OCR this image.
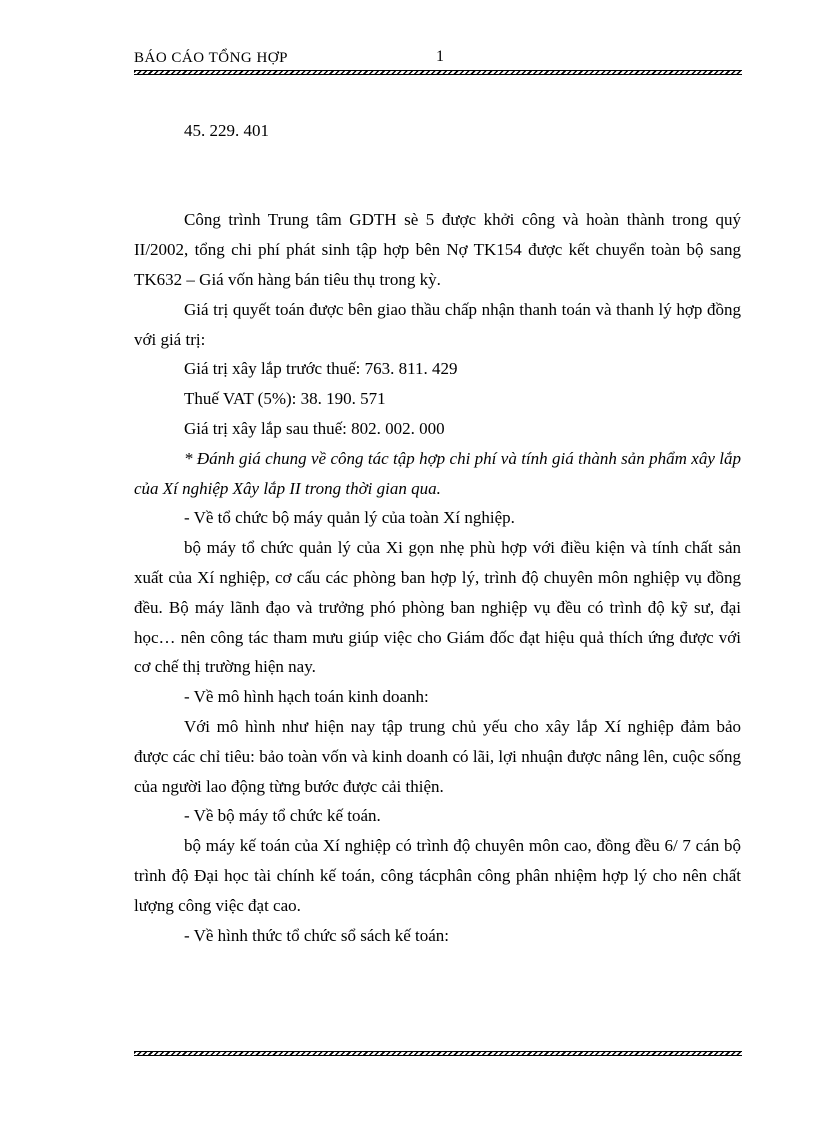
BÁO CÁO TỔNG HỢP	1

45. 229. 401

Công trình Trung tâm GDTH sè 5 được khởi công và hoàn thành trong quý II/2002, tổng chi phí phát sinh tập hợp bên Nợ TK154 được kết chuyển toàn bộ sang TK632 – Giá vốn hàng bán tiêu thụ trong kỳ.

Giá trị quyết toán được bên giao thầu chấp nhận thanh toán và thanh lý hợp đồng với giá trị:

Giá trị xây lắp trước thuế: 763. 811. 429

Thuế VAT (5%): 38. 190. 571

Giá trị xây lắp sau thuế: 802. 002. 000

* Đánh giá chung về công tác tập hợp chi phí và tính giá thành sản phẩm xây lắp của Xí nghiệp Xây lắp II trong thời gian qua.

- Về tổ chức bộ máy quản lý của toàn Xí nghiệp.

bộ máy tổ chức quản lý của Xi gọn nhẹ phù hợp với điều kiện và tính chất sản xuất của Xí nghiệp, cơ cấu các phòng ban hợp lý, trình độ chuyên môn nghiệp vụ đồng đều. Bộ máy lãnh đạo và trưởng phó phòng ban nghiệp vụ đều có trình độ kỹ sư, đại học… nên công tác tham mưu giúp việc cho Giám đốc đạt hiệu quả thích ứng được với cơ chế thị trường hiện nay.

- Về mô hình hạch toán kinh doanh:

Với mô hình như hiện nay tập trung chủ yếu cho xây lắp Xí nghiệp đảm bảo được các chỉ tiêu: bảo toàn vốn và kinh doanh có lãi, lợi nhuận được nâng lên, cuộc sống của người lao động từng bước được cải thiện.

- Về bộ máy tổ chức kế toán.

bộ máy kế toán của Xí nghiệp có trình độ chuyên môn cao, đồng đều 6/ 7 cán bộ trình độ Đại học tài chính kế toán, công tácphân công phân nhiệm hợp lý cho nên chất lượng công việc đạt cao.

- Về hình thức tổ chức sổ sách kế toán:
